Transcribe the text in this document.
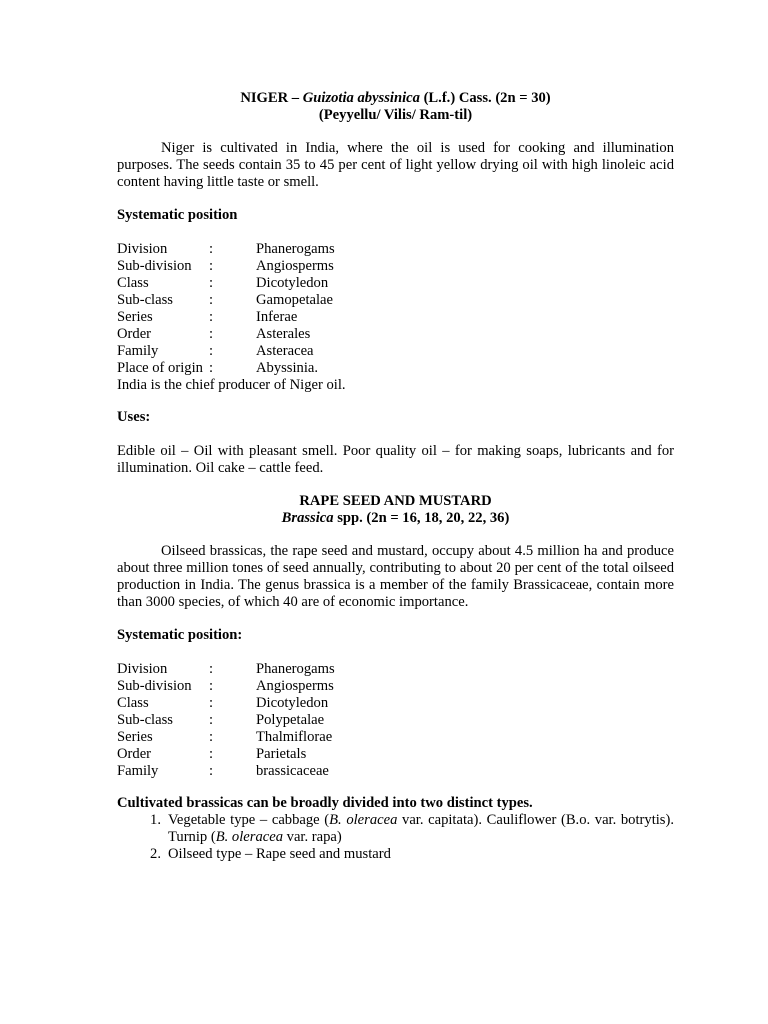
NIGER – Guizotia abyssinica (L.f.) Cass. (2n = 30)
(Peyyellu/ Vilis/ Ram-til)
Niger is cultivated in India, where the oil is used for cooking and illumination purposes. The seeds contain 35 to 45 per cent of light yellow drying oil with high linoleic acid content having little taste or smell.
Systematic position
Division	:	Phanerogams
Sub-division	:	Angiosperms
Class	:	Dicotyledon
Sub-class	:	Gamopetalae
Series	:	Inferae
Order	:	Asterales
Family	:	Asteracea
Place of origin :	Abyssinia.
India is the chief producer of Niger oil.
Uses:
Edible oil – Oil with pleasant smell. Poor quality oil – for making soaps, lubricants and for illumination. Oil cake – cattle feed.
RAPE SEED AND MUSTARD
Brassica spp. (2n = 16, 18, 20, 22, 36)
Oilseed brassicas, the rape seed and mustard, occupy about 4.5 million ha and produce about three million tones of seed annually, contributing to about 20 per cent of the total oilseed production in India. The genus brassica is a member of the family Brassicaceae, contain more than 3000 species, of which 40 are of economic importance.
Systematic position:
Division	:	Phanerogams
Sub-division	:	Angiosperms
Class	:	Dicotyledon
Sub-class	:	Polypetalae
Series	:	Thalmiflorae
Order	:	Parietals
Family	:	brassicaceae
Cultivated brassicas can be broadly divided into two distinct types.
1. Vegetable type – cabbage (B. oleracea var. capitata). Cauliflower (B.o. var. botrytis). Turnip (B. oleracea var. rapa)
2. Oilseed type – Rape seed and mustard
